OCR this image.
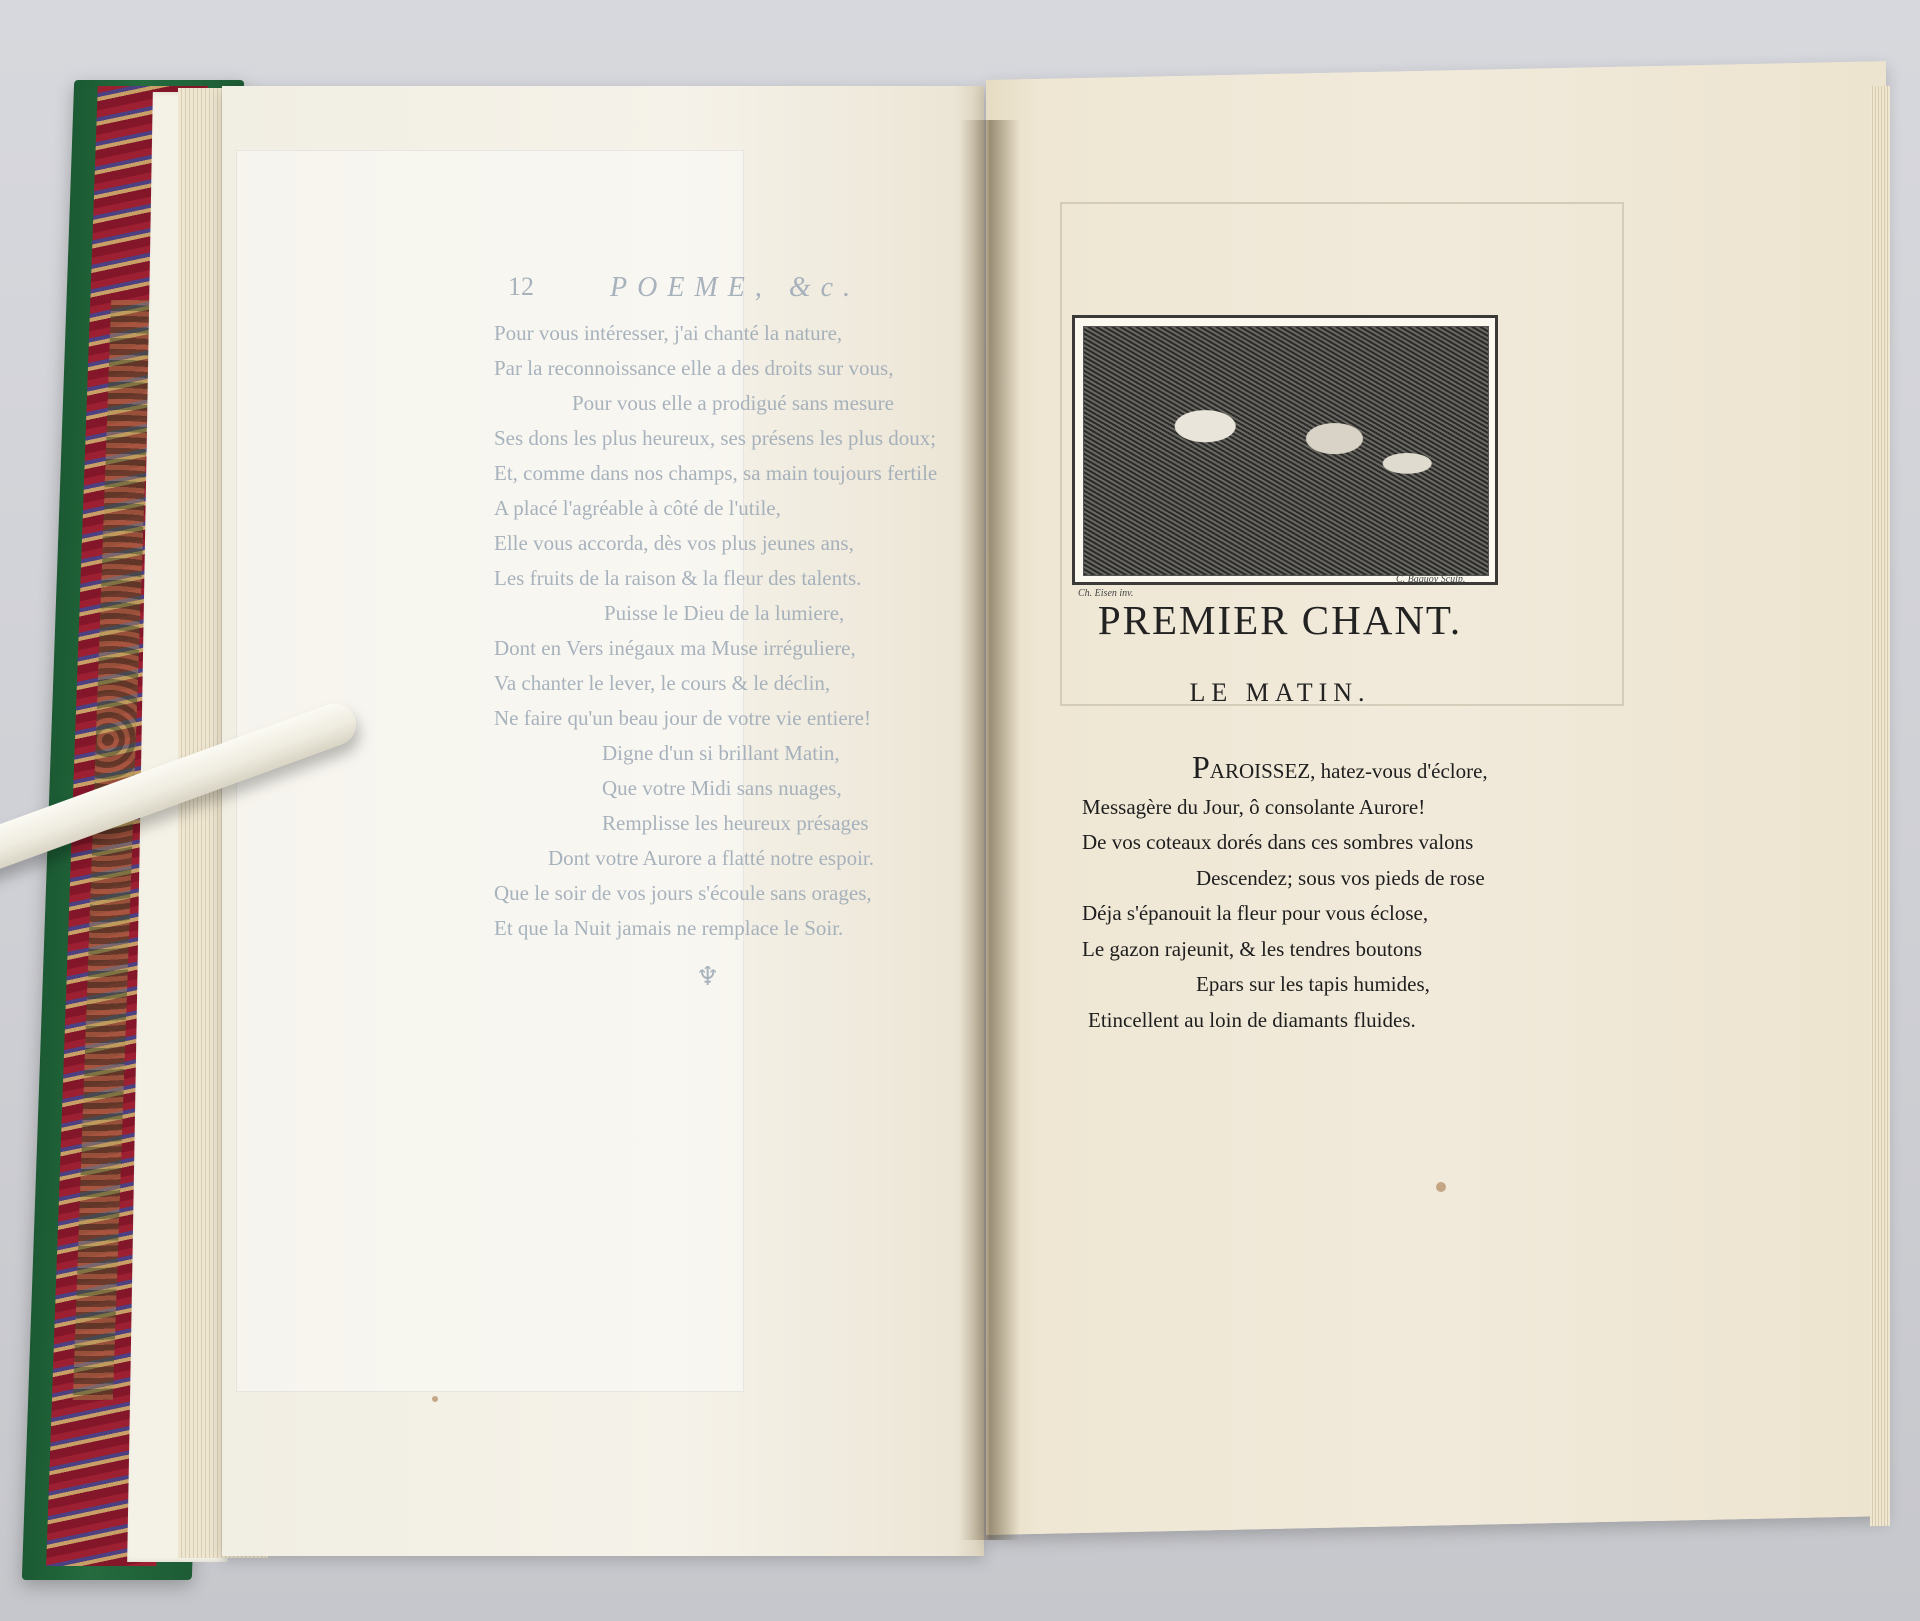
12	POEME, &c.
Pour vous intéresser, j'ai chanté la nature,
Par la reconnoissance elle a des droits sur vous,
Pour vous elle a prodigué sans mesure
Ses dons les plus heureux, ses présens les plus doux;
Et, comme dans nos champs, sa main toujours fertile
A placé l'agréable à côté de l'utile,
Elle vous accorda, dès vos plus jeunes ans,
Les fruits de la raison & la fleur des talents.
Puisse le Dieu de la lumiere,
Dont en Vers inégaux ma Muse irréguliere,
Va chanter le lever, le cours & le déclin,
Ne faire qu'un beau jour de votre vie entiere!
Digne d'un si brillant Matin,
Que votre Midi sans nuages,
Remplisse les heureux présages
Dont votre Aurore a flatté notre espoir.
Que le soir de vos jours s'écoule sans orages,
Et que la Nuit jamais ne remplace le Soir.
♆
Ch. Eisen inv.
C. Baquoy Sculp.
PREMIER CHANT.
LE MATIN.
PAROISSEZ, hatez-vous d'éclore,
Messagère du Jour, ô consolante Aurore!
De vos coteaux dorés dans ces sombres valons
Descendez; sous vos pieds de rose
Déja s'épanouit la fleur pour vous éclose,
Le gazon rajeunit, & les tendres boutons
Epars sur les tapis humides,
Etincellent au loin de diamants fluides.
